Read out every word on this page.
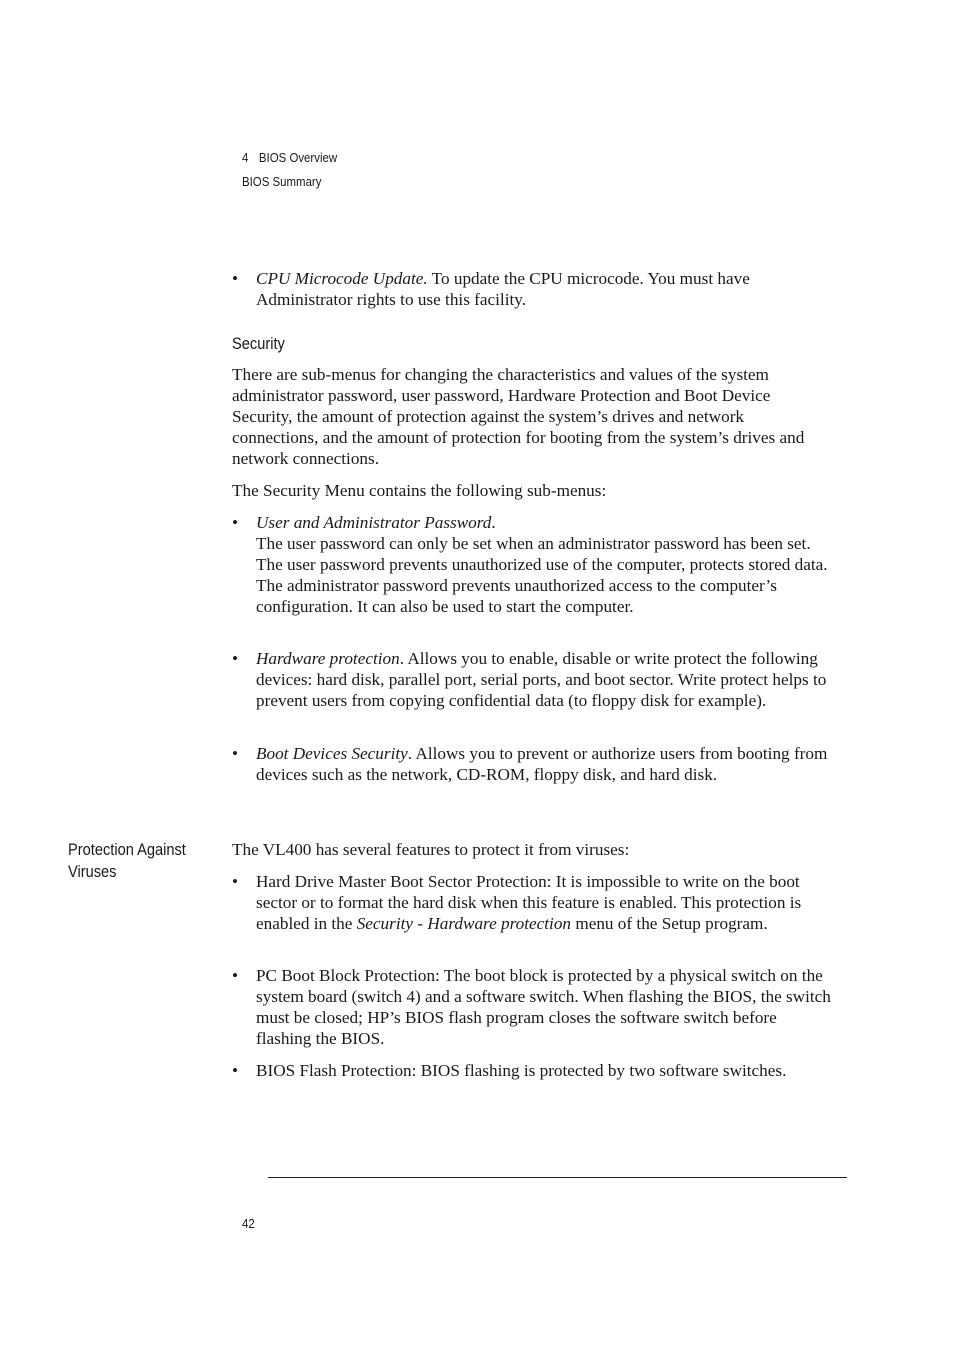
4 BIOS Overview
BIOS Summary
•	CPU Microcode Update. To update the CPU microcode. You must have Administrator rights to use this facility.
Security
There are sub-menus for changing the characteristics and values of the system administrator password, user password, Hardware Protection and Boot Device Security, the amount of protection against the system’s drives and network connections, and the amount of protection for booting from the system’s drives and network connections.
The Security Menu contains the following sub-menus:
•	User and Administrator Password.
The user password can only be set when an administrator password has been set. The user password prevents unauthorized use of the computer, protects stored data.
The administrator password prevents unauthorized access to the computer’s configuration. It can also be used to start the computer.
•	Hardware protection. Allows you to enable, disable or write protect the following devices: hard disk, parallel port, serial ports, and boot sector. Write protect helps to prevent users from copying confidential data (to floppy disk for example).
•	Boot Devices Security. Allows you to prevent or authorize users from booting from devices such as the network, CD-ROM, floppy disk, and hard disk.
Protection Against Viruses
The VL400 has several features to protect it from viruses:
•	Hard Drive Master Boot Sector Protection: It is impossible to write on the boot sector or to format the hard disk when this feature is enabled. This protection is enabled in the Security - Hardware protection menu of the Setup program.
•	PC Boot Block Protection: The boot block is protected by a physical switch on the system board (switch 4) and a software switch. When flashing the BIOS, the switch must be closed; HP’s BIOS flash program closes the software switch before flashing the BIOS.
•	BIOS Flash Protection: BIOS flashing is protected by two software switches.
42
